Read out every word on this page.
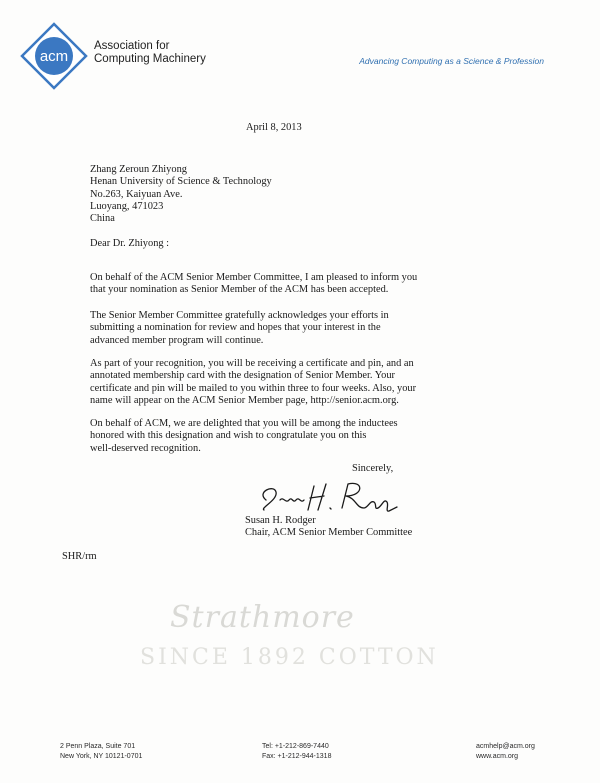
acm
Association for
Computing Machinery	Advancing Computing as a Science & Profession
April 8, 2013
Zhang Zeroun Zhiyong
Henan University of Science & Technology
No.263, Kaiyuan Ave.
Luoyang, 471023
China
Dear Dr. Zhiyong :
On behalf of the ACM Senior Member Committee, I am pleased to inform you
that your nomination as Senior Member of the ACM has been accepted.
The Senior Member Committee gratefully acknowledges your efforts in
submitting a nomination for review and hopes that your interest in the
advanced member program will continue.
As part of your recognition, you will be receiving a certificate and pin, and an
annotated membership card with the designation of Senior Member. Your
certificate and pin will be mailed to you within three to four weeks. Also, your
name will appear on the ACM Senior Member page, http://senior.acm.org.
On behalf of ACM, we are delighted that you will be among the inductees
honored with this designation and wish to congratulate you on this
well-deserved recognition.
Sincerely,
Susan H. Rodger
Chair, ACM Senior Member Committee
SHR/rm
Strathmore
SINCE 1892 COTTON
2 Penn Plaza, Suite 701
New York, NY 10121-0701
Tel: +1-212-869-7440
Fax: +1-212-944-1318
acmhelp@acm.org
www.acm.org
